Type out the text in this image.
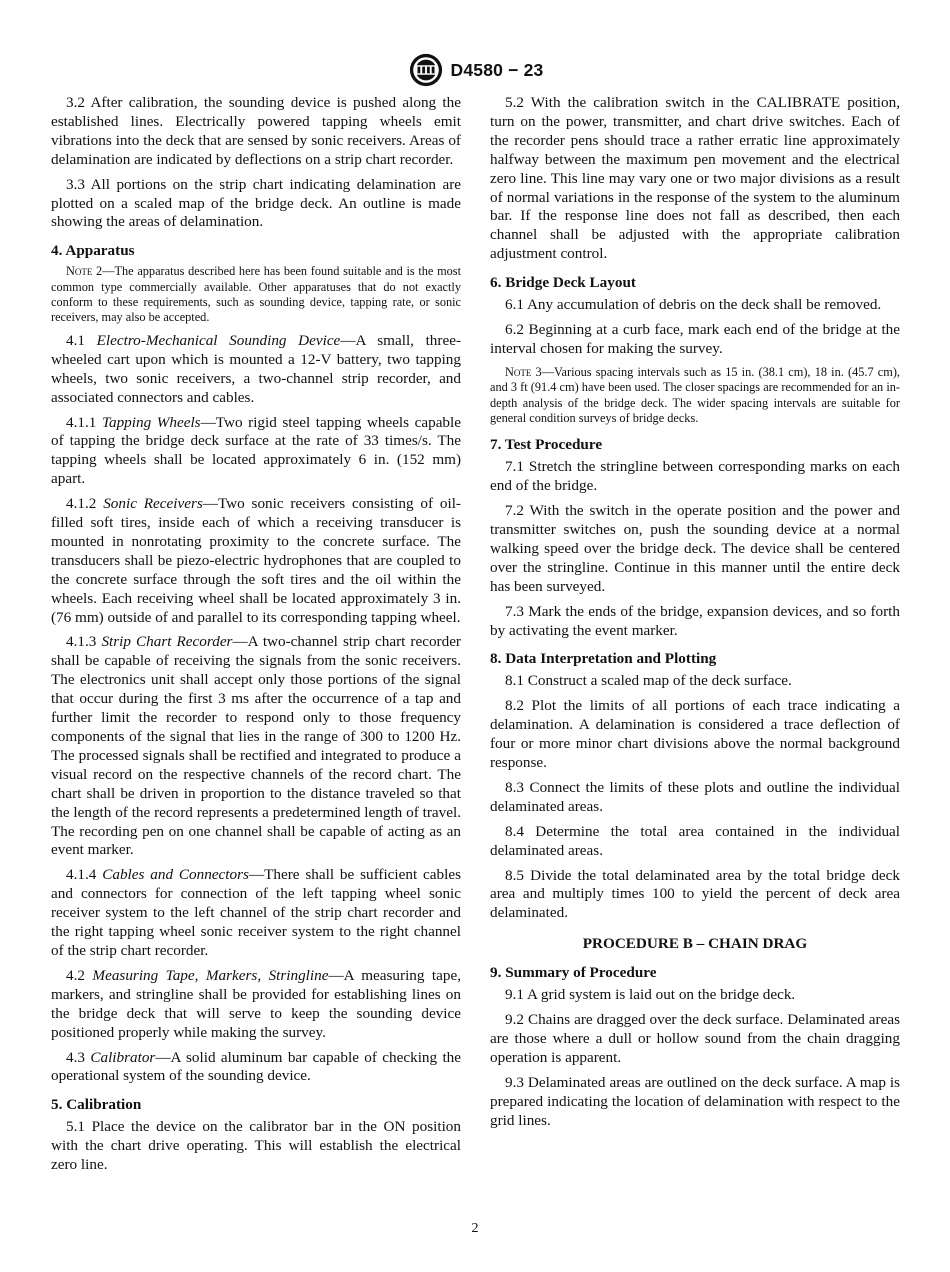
D4580 − 23

3.2 After calibration, the sounding device is pushed along the established lines. Electrically powered tapping wheels emit vibrations into the deck that are sensed by sonic receivers. Areas of delamination are indicated by deflections on a strip chart recorder.

3.3 All portions on the strip chart indicating delamination are plotted on a scaled map of the bridge deck. An outline is made showing the areas of delamination.

4. Apparatus

Note 2—The apparatus described here has been found suitable and is the most common type commercially available. Other apparatuses that do not exactly conform to these requirements, such as sounding device, tapping rate, or sonic receivers, may also be accepted.

4.1 Electro-Mechanical Sounding Device—A small, three-wheeled cart upon which is mounted a 12-V battery, two tapping wheels, two sonic receivers, a two-channel strip recorder, and associated connectors and cables.

4.1.1 Tapping Wheels—Two rigid steel tapping wheels capable of tapping the bridge deck surface at the rate of 33 times/s. The tapping wheels shall be located approximately 6 in. (152 mm) apart.

4.1.2 Sonic Receivers—Two sonic receivers consisting of oil-filled soft tires, inside each of which a receiving transducer is mounted in nonrotating proximity to the concrete surface. The transducers shall be piezo-electric hydrophones that are coupled to the concrete surface through the soft tires and the oil within the wheels. Each receiving wheel shall be located approximately 3 in. (76 mm) outside of and parallel to its corresponding tapping wheel.

4.1.3 Strip Chart Recorder—A two-channel strip chart recorder shall be capable of receiving the signals from the sonic receivers. The electronics unit shall accept only those portions of the signal that occur during the first 3 ms after the occurrence of a tap and further limit the recorder to respond only to those frequency components of the signal that lies in the range of 300 to 1200 Hz. The processed signals shall be rectified and integrated to produce a visual record on the respective channels of the record chart. The chart shall be driven in proportion to the distance traveled so that the length of the record represents a predetermined length of travel. The recording pen on one channel shall be capable of acting as an event marker.

4.1.4 Cables and Connectors—There shall be sufficient cables and connectors for connection of the left tapping wheel sonic receiver system to the left channel of the strip chart recorder and the right tapping wheel sonic receiver system to the right channel of the strip chart recorder.

4.2 Measuring Tape, Markers, Stringline—A measuring tape, markers, and stringline shall be provided for establishing lines on the bridge deck that will serve to keep the sounding device positioned properly while making the survey.

4.3 Calibrator—A solid aluminum bar capable of checking the operational system of the sounding device.

5. Calibration

5.1 Place the device on the calibrator bar in the ON position with the chart drive operating. This will establish the electrical zero line.

5.2 With the calibration switch in the CALIBRATE position, turn on the power, transmitter, and chart drive switches. Each of the recorder pens should trace a rather erratic line approximately halfway between the maximum pen movement and the electrical zero line. This line may vary one or two major divisions as a result of normal variations in the response of the system to the aluminum bar. If the response line does not fall as described, then each channel shall be adjusted with the appropriate calibration adjustment control.

6. Bridge Deck Layout

6.1 Any accumulation of debris on the deck shall be removed.

6.2 Beginning at a curb face, mark each end of the bridge at the interval chosen for making the survey.

Note 3—Various spacing intervals such as 15 in. (38.1 cm), 18 in. (45.7 cm), and 3 ft (91.4 cm) have been used. The closer spacings are recommended for an in-depth analysis of the bridge deck. The wider spacing intervals are suitable for general condition surveys of bridge decks.

7. Test Procedure

7.1 Stretch the stringline between corresponding marks on each end of the bridge.

7.2 With the switch in the operate position and the power and transmitter switches on, push the sounding device at a normal walking speed over the bridge deck. The device shall be centered over the stringline. Continue in this manner until the entire deck has been surveyed.

7.3 Mark the ends of the bridge, expansion devices, and so forth by activating the event marker.

8. Data Interpretation and Plotting

8.1 Construct a scaled map of the deck surface.

8.2 Plot the limits of all portions of each trace indicating a delamination. A delamination is considered a trace deflection of four or more minor chart divisions above the normal background response.

8.3 Connect the limits of these plots and outline the individual delaminated areas.

8.4 Determine the total area contained in the individual delaminated areas.

8.5 Divide the total delaminated area by the total bridge deck area and multiply times 100 to yield the percent of deck area delaminated.

PROCEDURE B – CHAIN DRAG

9. Summary of Procedure

9.1 A grid system is laid out on the bridge deck.

9.2 Chains are dragged over the deck surface. Delaminated areas are those where a dull or hollow sound from the chain dragging operation is apparent.

9.3 Delaminated areas are outlined on the deck surface. A map is prepared indicating the location of delamination with respect to the grid lines.

2
